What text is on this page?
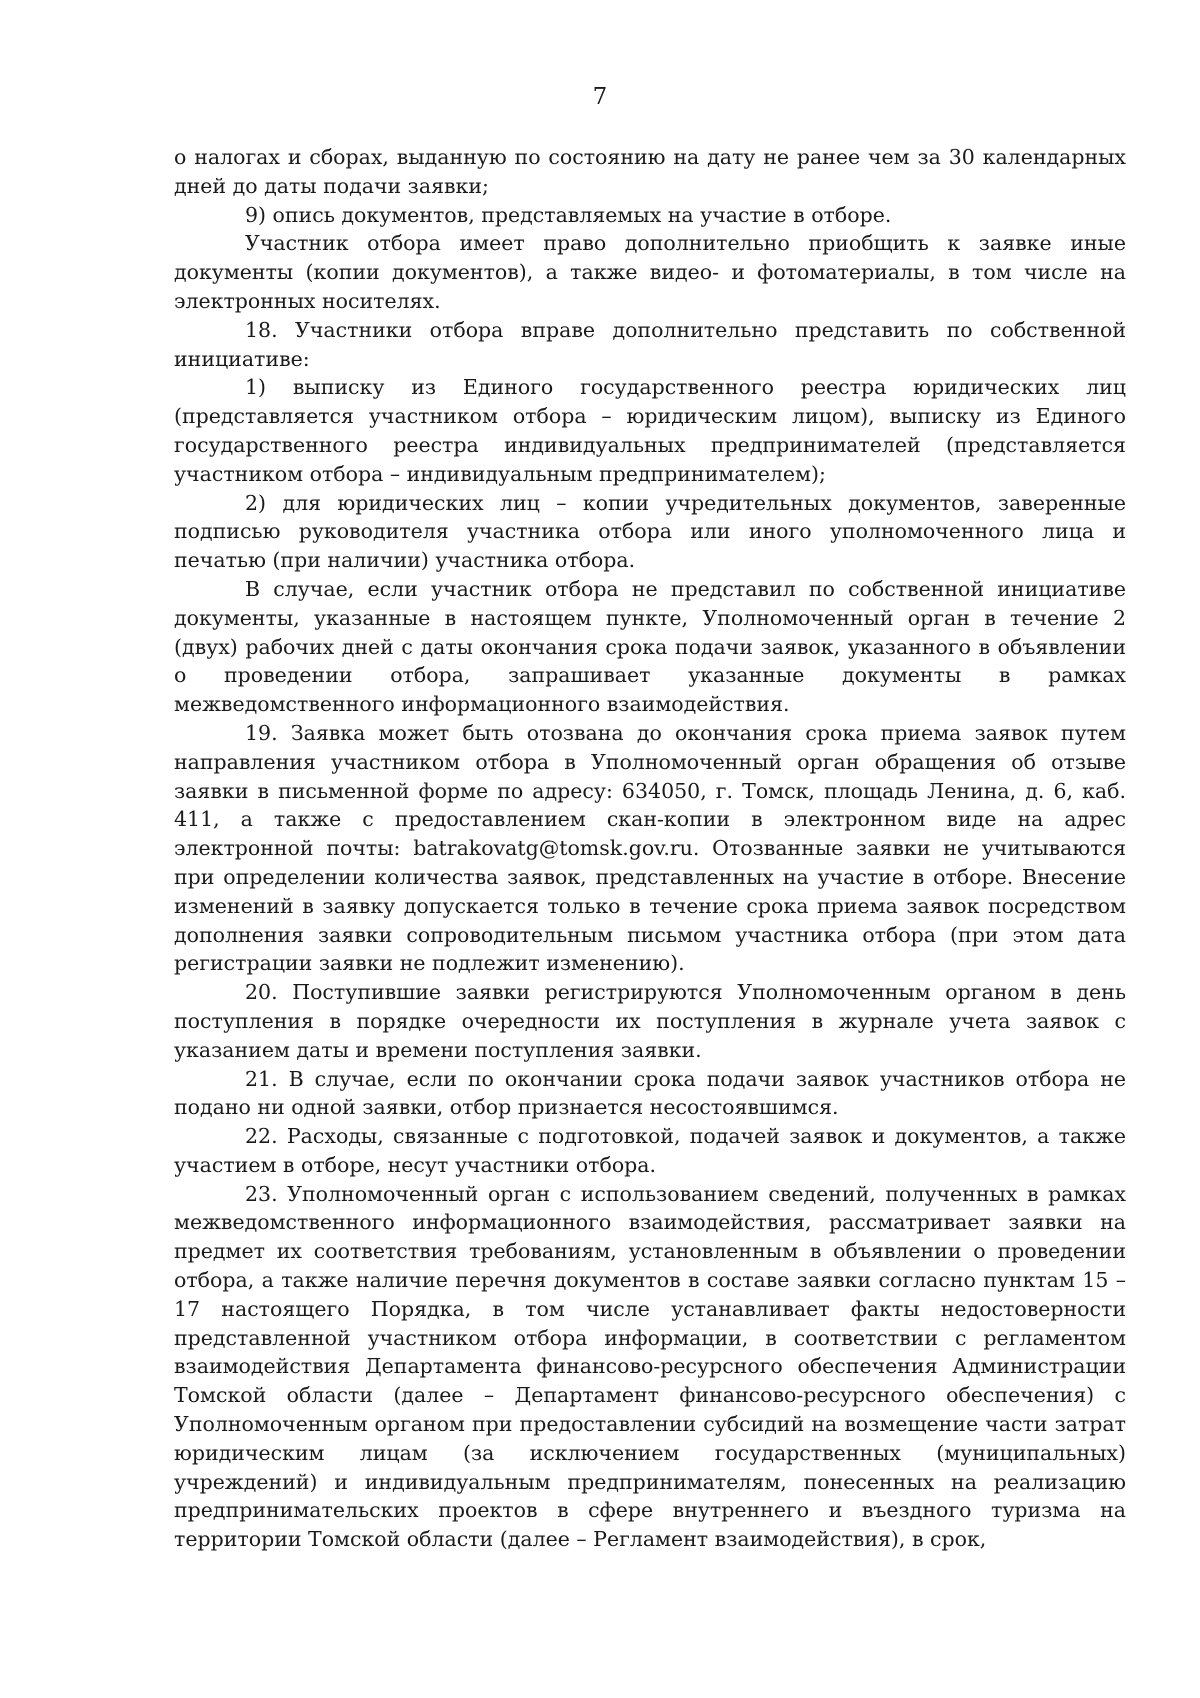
7

о налогах и сборах, выданную по состоянию на дату не ранее чем за 30 календарных дней до даты подачи заявки;

9) опись документов, представляемых на участие в отборе.

Участник отбора имеет право дополнительно приобщить к заявке иные документы (копии документов), а также видео- и фотоматериалы, в том числе на электронных носителях.

18. Участники отбора вправе дополнительно представить по собственной инициативе:

1) выписку из Единого государственного реестра юридических лиц (представляется участником отбора – юридическим лицом), выписку из Единого государственного реестра индивидуальных предпринимателей (представляется участником отбора – индивидуальным предпринимателем);

2) для юридических лиц – копии учредительных документов, заверенные подписью руководителя участника отбора или иного уполномоченного лица и печатью (при наличии) участника отбора.

В случае, если участник отбора не представил по собственной инициативе документы, указанные в настоящем пункте, Уполномоченный орган в течение 2 (двух) рабочих дней с даты окончания срока подачи заявок, указанного в объявлении о проведении отбора, запрашивает указанные документы в рамках межведомственного информационного взаимодействия.

19. Заявка может быть отозвана до окончания срока приема заявок путем направления участником отбора в Уполномоченный орган обращения об отзыве заявки в письменной форме по адресу: 634050, г. Томск, площадь Ленина, д. 6, каб. 411, а также с предоставлением скан-копии в электронном виде на адрес электронной почты: batrakovatg@tomsk.gov.ru. Отозванные заявки не учитываются при определении количества заявок, представленных на участие в отборе. Внесение изменений в заявку допускается только в течение срока приема заявок посредством дополнения заявки сопроводительным письмом участника отбора (при этом дата регистрации заявки не подлежит изменению).

20. Поступившие заявки регистрируются Уполномоченным органом в день поступления в порядке очередности их поступления в журнале учета заявок с указанием даты и времени поступления заявки.

21. В случае, если по окончании срока подачи заявок участников отбора не подано ни одной заявки, отбор признается несостоявшимся.

22. Расходы, связанные с подготовкой, подачей заявок и документов, а также участием в отборе, несут участники отбора.

23. Уполномоченный орган с использованием сведений, полученных в рамках межведомственного информационного взаимодействия, рассматривает заявки на предмет их соответствия требованиям, установленным в объявлении о проведении отбора, а также наличие перечня документов в составе заявки согласно пунктам 15 – 17 настоящего Порядка, в том числе устанавливает факты недостоверности представленной участником отбора информации, в соответствии с регламентом взаимодействия Департамента финансово-ресурсного обеспечения Администрации Томской области (далее – Департамент финансово-ресурсного обеспечения) с Уполномоченным органом при предоставлении субсидий на возмещение части затрат юридическим лицам (за исключением государственных (муниципальных) учреждений) и индивидуальным предпринимателям, понесенных на реализацию предпринимательских проектов в сфере внутреннего и въездного туризма на территории Томской области (далее – Регламент взаимодействия), в срок,
